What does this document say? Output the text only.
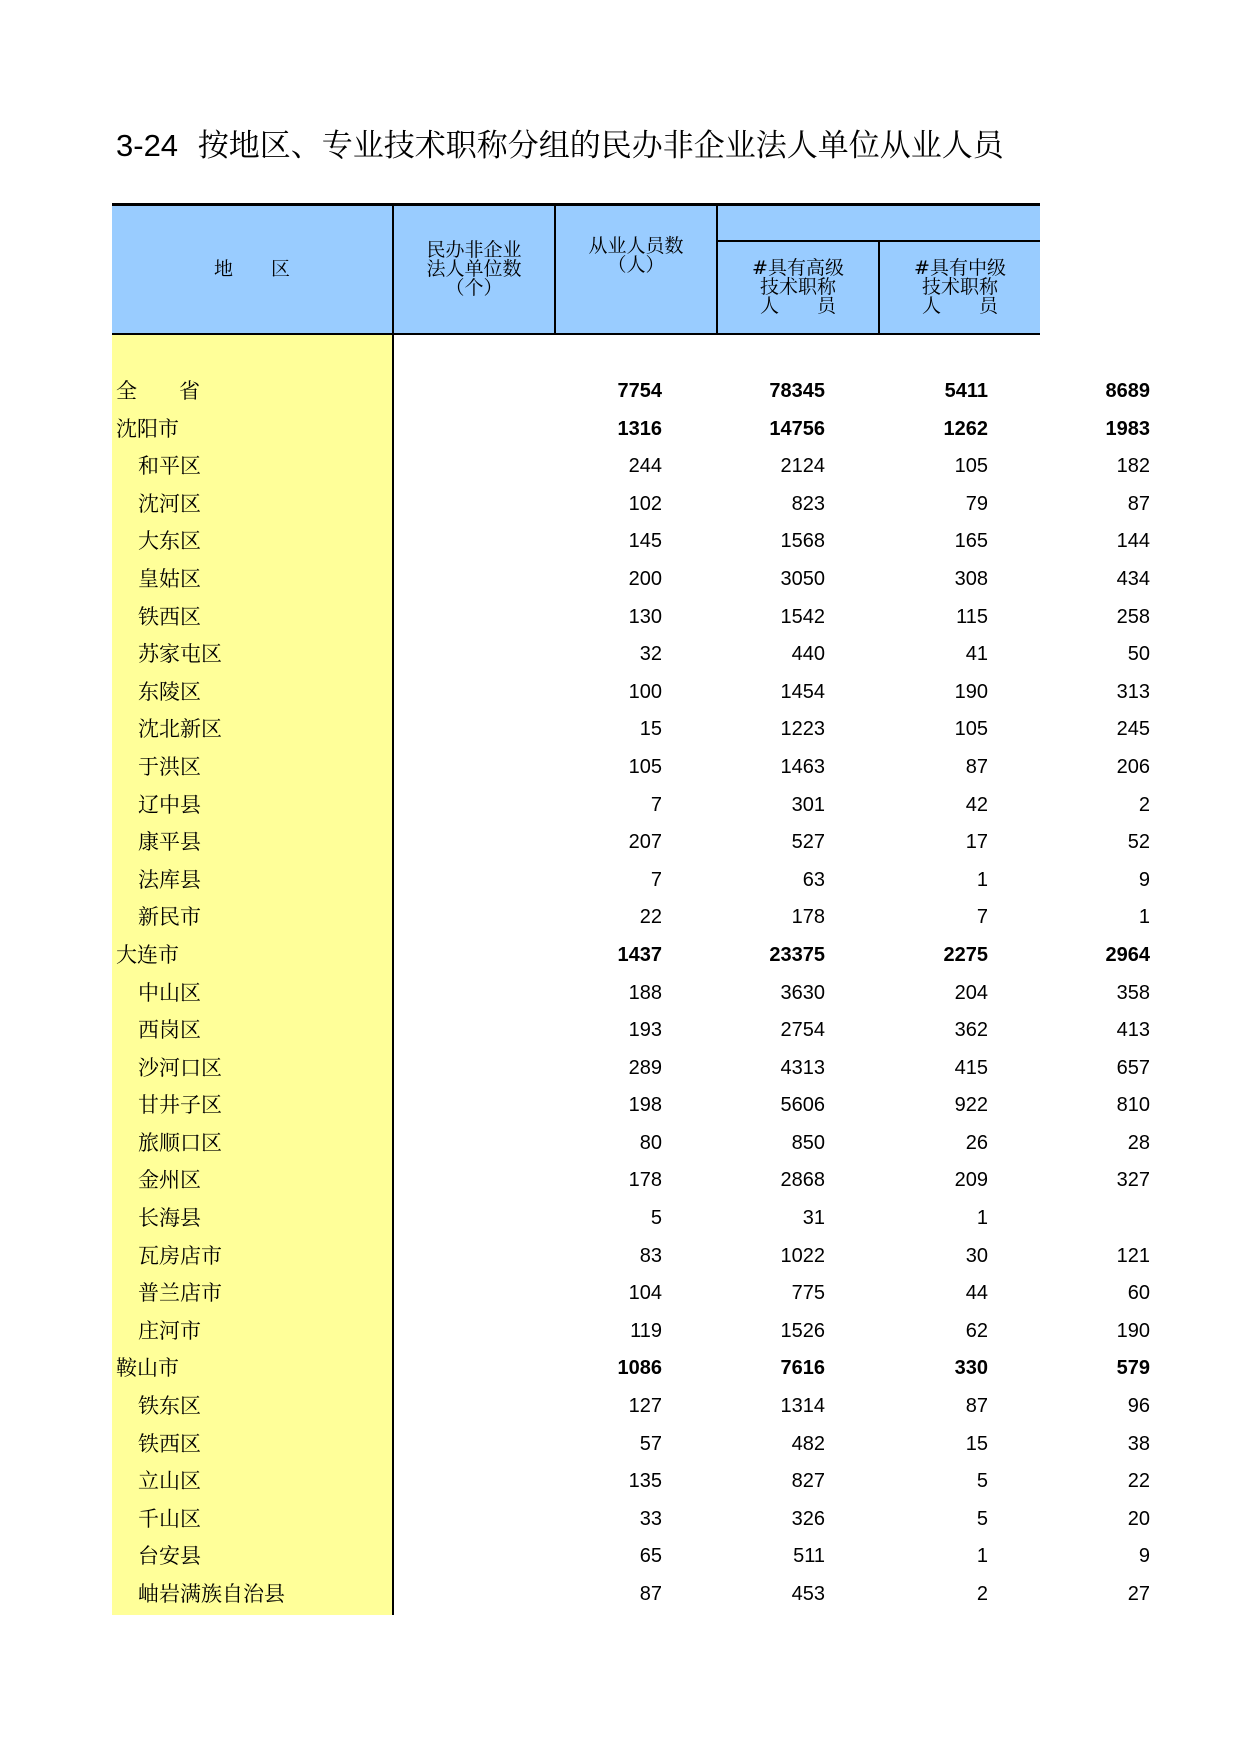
3-24 按地区、专业技术职称分组的民办非企业法人单位从业人员
地　　区
民办非企业
法人单位数
（个）
从业人员数
（人）	#具有高级
技术职称
人　　员
#具有中级
技术职称
人　　员
全　　省	7754	78345	5411	8689
沈阳市	1316	14756	1262	1983
和平区	244	2124	105	182
沈河区	102	823	79	87
大东区	145	1568	165	144
皇姑区	200	3050	308	434
铁西区	130	1542	115	258
苏家屯区	32	440	41	50
东陵区	100	1454	190	313
沈北新区	15	1223	105	245
于洪区	105	1463	87	206
辽中县	7	301	42	2
康平县	207	527	17	52
法库县	7	63	1	9
新民市	22	178	7	1
大连市	1437	23375	2275	2964
中山区	188	3630	204	358
西岗区	193	2754	362	413
沙河口区	289	4313	415	657
甘井子区	198	5606	922	810
旅顺口区	80	850	26	28
金州区	178	2868	209	327
长海县	5	31	1
瓦房店市	83	1022	30	121
普兰店市	104	775	44	60
庄河市	119	1526	62	190
鞍山市	1086	7616	330	579
铁东区	127	1314	87	96
铁西区	57	482	15	38
立山区	135	827	5	22
千山区	33	326	5	20
台安县	65	511	1	9
岫岩满族自治县	87	453	2	27
